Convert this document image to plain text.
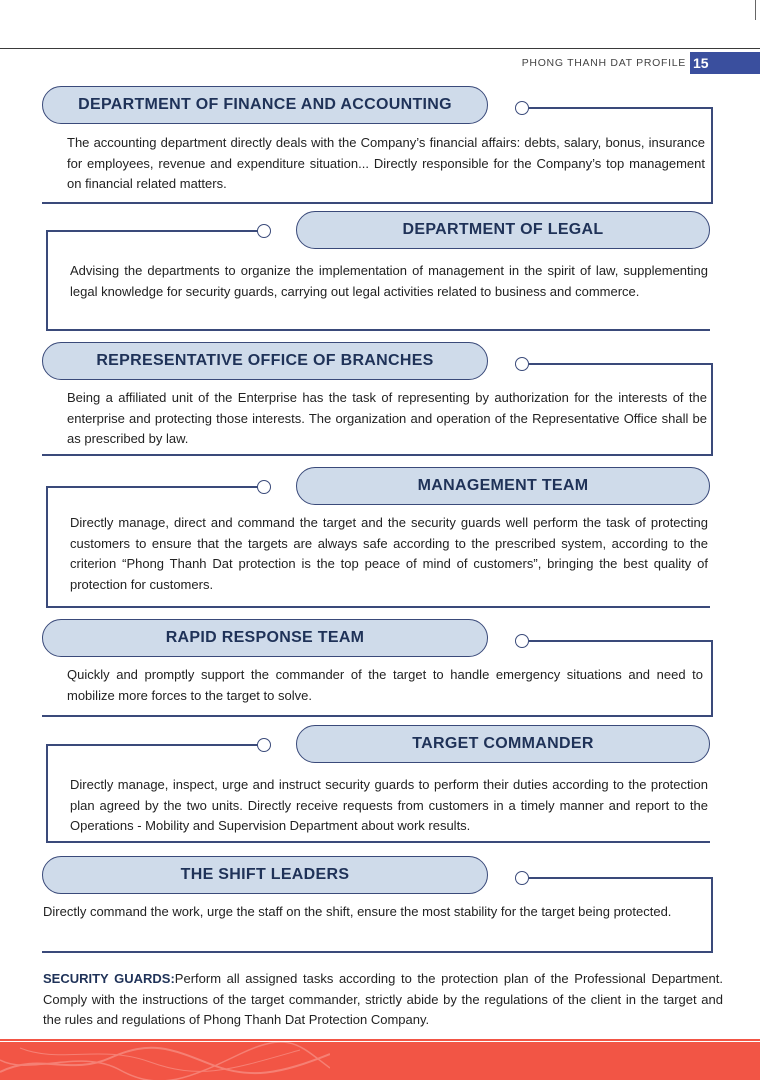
PHONG THANH DAT PROFILE 15
DEPARTMENT OF FINANCE AND ACCOUNTING
The accounting department directly deals with the Company’s financial affairs: debts, salary, bonus, insurance for employees, revenue and expenditure situation... Directly responsible for the Company’s top management on financial related matters.
DEPARTMENT OF LEGAL
Advising the departments to organize the implementation of management in the spirit of law, supplementing legal knowledge for security guards, carrying out legal activities related to business and commerce.
REPRESENTATIVE OFFICE OF BRANCHES
Being a affiliated unit of the Enterprise has the task of representing by authorization for the interests of the enterprise and protecting those interests. The organization and operation of the Representative Office shall be as prescribed by law.
MANAGEMENT TEAM
Directly manage, direct and command the target and the security guards well perform the task of protecting customers to ensure that the targets are always safe according to the prescribed system, according to the criterion “Phong Thanh Dat protection is the top peace of mind of customers”, bringing the best quality of protection for customers.
RAPID RESPONSE TEAM
Quickly and promptly support the commander of the target to handle emergency situations and need to mobilize more forces to the target to solve.
TARGET COMMANDER
Directly manage, inspect, urge and instruct security guards to perform their duties according to the protection plan agreed by the two units. Directly receive requests from customers in a timely manner and report to the Operations - Mobility and Supervision Department about work results.
THE SHIFT LEADERS
Directly command the work, urge the staff on the shift, ensure the most stability for the target being protected.
SECURITY GUARDS:Perform all assigned tasks according to the protection plan of the Professional Department. Comply with the instructions of the target commander, strictly abide by the regulations of the client in the target and the rules and regulations of Phong Thanh Dat Protection Company.
